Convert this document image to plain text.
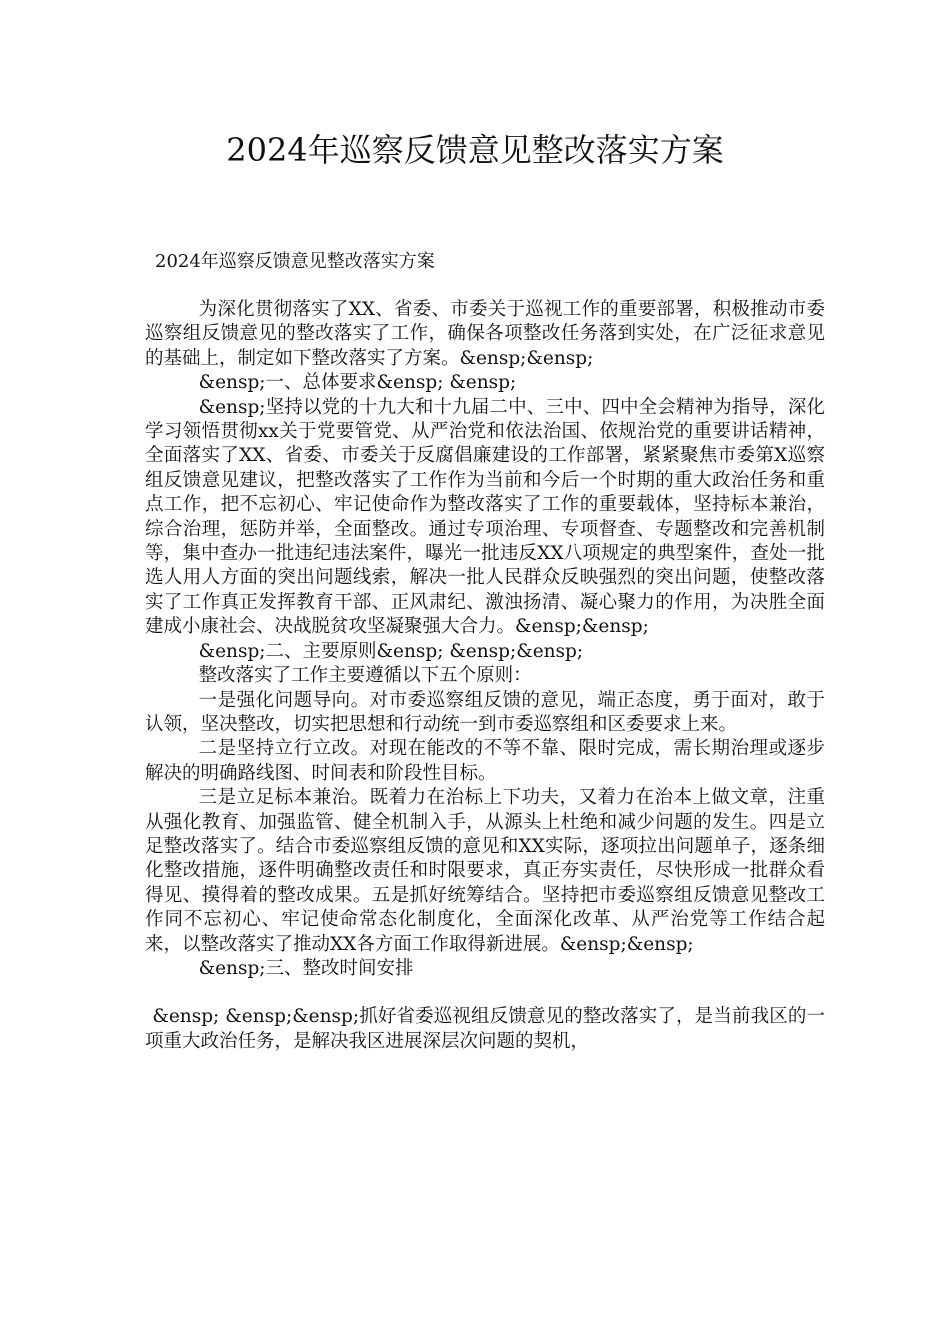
2024年巡察反馈意见整改落实方案
2024年巡察反馈意见整改落实方案

为深化贯彻落实了XX、省委、市委关于巡视工作的重要部署，积极推动市委巡察组反馈意见的整改落实了工作，确保各项整改任务落到实处，在广泛征求意见的基础上，制定如下整改落实了方案。&ensp;&ensp;

&ensp;一、总体要求&ensp; &ensp;

&ensp;坚持以党的十九大和十九届二中、三中、四中全会精神为指导，深化学习领悟贯彻xx关于党要管党、从严治党和依法治国、依规治党的重要讲话精神，全面落实了XX、省委、市委关于反腐倡廉建设的工作部署，紧紧聚焦市委第X巡察组反馈意见建议，把整改落实了工作作为当前和今后一个时期的重大政治任务和重点工作，把不忘初心、牢记使命作为整改落实了工作的重要载体，坚持标本兼治，综合治理，惩防并举，全面整改。通过专项治理、专项督查、专题整改和完善机制等，集中查办一批违纪违法案件，曝光一批违反XX八项规定的典型案件，查处一批选人用人方面的突出问题线索，解决一批人民群众反映强烈的突出问题，使整改落实了工作真正发挥教育干部、正风肃纪、激浊扬清、凝心聚力的作用，为决胜全面建成小康社会、决战脱贫攻坚凝聚强大合力。&ensp;&ensp;

&ensp;二、主要原则&ensp; &ensp;&ensp;

整改落实了工作主要遵循以下五个原则：

一是强化问题导向。对市委巡察组反馈的意见，端正态度，勇于面对，敢于认领，坚决整改，切实把思想和行动统一到市委巡察组和区委要求上来。

二是坚持立行立改。对现在能改的不等不靠、限时完成，需长期治理或逐步解决的明确路线图、时间表和阶段性目标。

三是立足标本兼治。既着力在治标上下功夫，又着力在治本上做文章，注重从强化教育、加强监管、健全机制入手，从源头上杜绝和减少问题的发生。四是立足整改落实了。结合市委巡察组反馈的意见和XX实际，逐项拉出问题单子，逐条细化整改措施，逐件明确整改责任和时限要求，真正夯实责任，尽快形成一批群众看得见、摸得着的整改成果。五是抓好统筹结合。坚持把市委巡察组反馈意见整改工作同不忘初心、牢记使命常态化制度化，全面深化改革、从严治党等工作结合起来，以整改落实了推动XX各方面工作取得新进展。&ensp;&ensp;

&ensp;三、整改时间安排

&ensp; &ensp;&ensp;抓好省委巡视组反馈意见的整改落实了，是当前我区的一项重大政治任务，是解决我区进展深层次问题的契机，
